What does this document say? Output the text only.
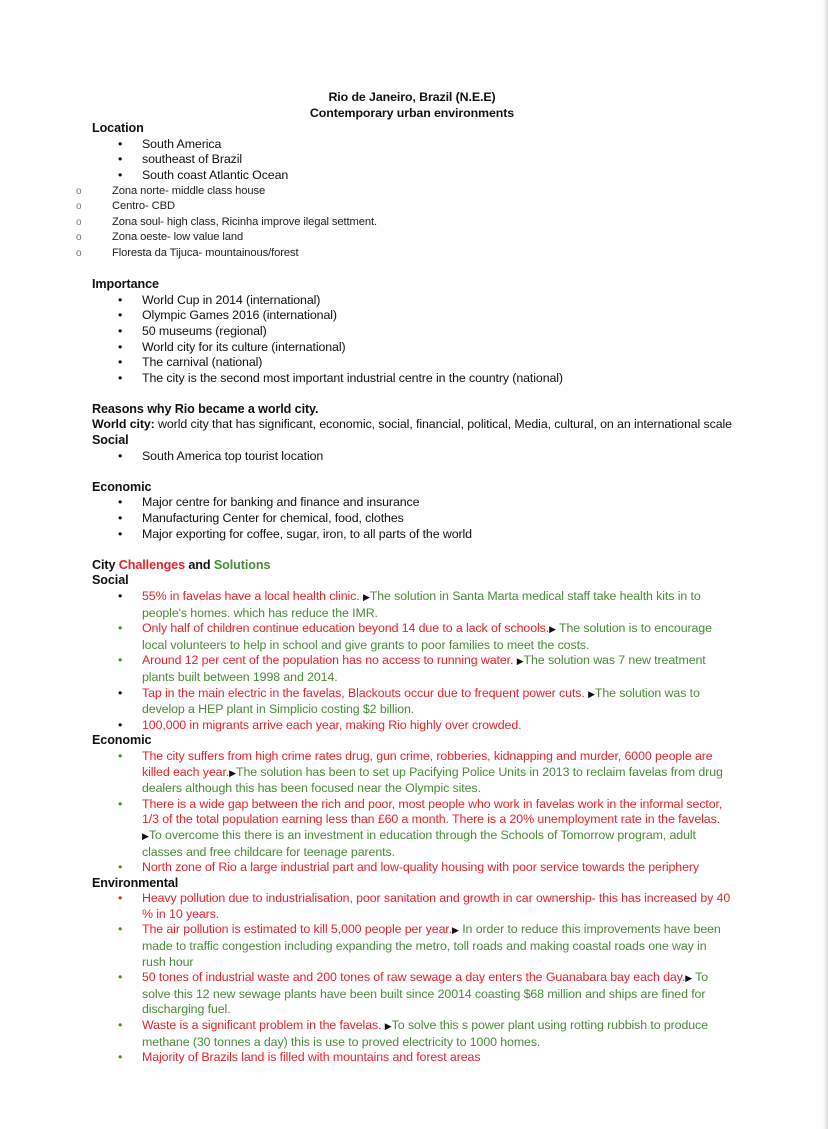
Rio de Janeiro, Brazil (N.E.E)
Contemporary urban environments
Location
• South America
• southeast of Brazil
• South coast Atlantic Ocean
o	Zona norte- middle class house
o	Centro- CBD
o	Zona soul- high class, Ricinha improve ilegal settment.
o	Zona oeste- low value land
o	Floresta da Tijuca- mountainous/forest
Importance
• World Cup in 2014 (international)
• Olympic Games 2016 (international)
• 50 museums (regional)
• World city for its culture (international)
• The carnival (national)
• The city is the second most important industrial centre in the country (national)
Reasons why Rio became a world city.
World city: world city that has significant, economic, social, financial, political, Media, cultural, on an international scale
Social
• South America top tourist location
Economic
• Major centre for banking and finance and insurance
• Manufacturing Center for chemical, food, clothes
• Major exporting for coffee, sugar, iron, to all parts of the world
City Challenges and Solutions
Social
• 55% in favelas have a local health clinic. ▶The solution in Santa Marta medical staff take health kits in to people's homes. which has reduce the IMR.
• Only half of children continue education beyond 14 due to a lack of schools.▶ The solution is to encourage local volunteers to help in school and give grants to poor families to meet the costs.
• Around 12 per cent of the population has no access to running water. ▶The solution was 7 new treatment plants built between 1998 and 2014.
• Tap in the main electric in the favelas, Blackouts occur due to frequent power cuts. ▶The solution was to develop a HEP plant in Simplicio costing $2 billion.
• 100,000 in migrants arrive each year, making Rio highly over crowded.
Economic
• The city suffers from high crime rates drug, gun crime, robberies, kidnapping and murder, 6000 people are killed each year.▶The solution has been to set up Pacifying Police Units in 2013 to reclaim favelas from drug dealers although this has been focused near the Olympic sites.
• There is a wide gap between the rich and poor, most people who work in favelas work in the informal sector, 1/3 of the total population earning less than £60 a month. There is a 20% unemployment rate in the favelas. ▶To overcome this there is an investment in education through the Schools of Tomorrow program, adult classes and free childcare for teenage parents.
• North zone of Rio a large industrial part and low-quality housing with poor service towards the periphery
Environmental
• Heavy pollution due to industrialisation, poor sanitation and growth in car ownership- this has increased by 40 % in 10 years.
• The air pollution is estimated to kill 5,000 people per year.▶ In order to reduce this improvements have been made to traffic congestion including expanding the metro, toll roads and making coastal roads one way in rush hour
• 50 tones of industrial waste and 200 tones of raw sewage a day enters the Guanabara bay each day.▶ To solve this 12 new sewage plants have been built since 20014 coasting $68 million and ships are fined for discharging fuel.
• Waste is a significant problem in the favelas. ▶To solve this s power plant using rotting rubbish to produce methane (30 tonnes a day) this is use to proved electricity to 1000 homes.
• Majority of Brazils land is filled with mountains and forest areas
